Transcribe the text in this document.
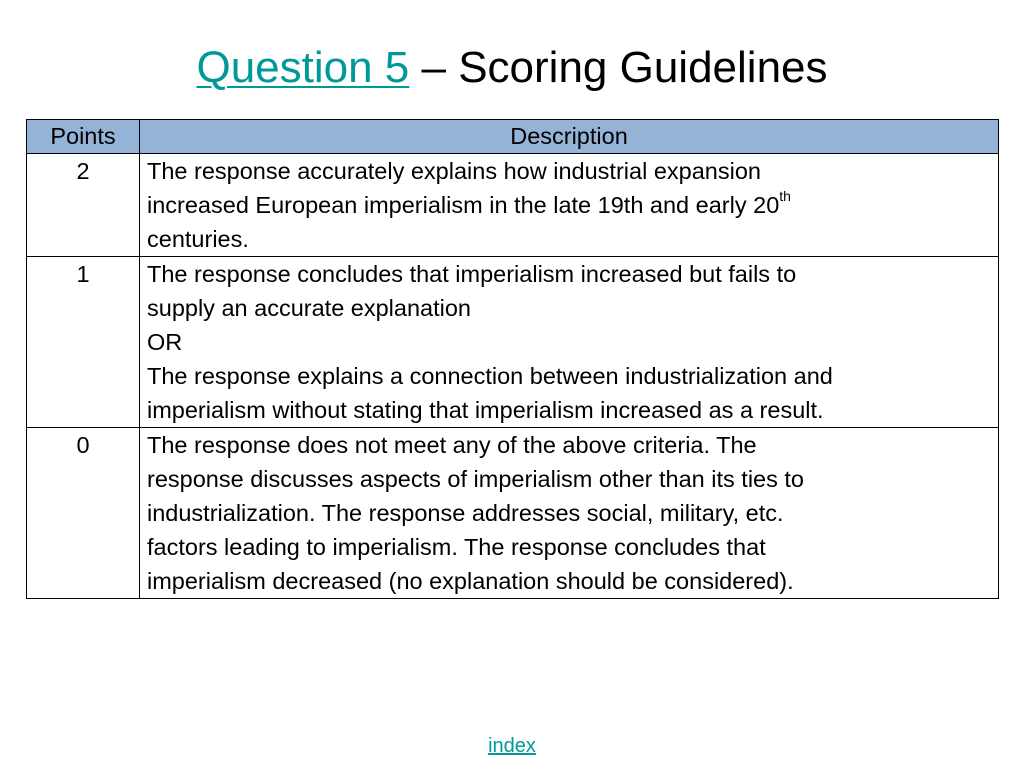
Question 5 – Scoring Guidelines
Points	Description
2	The response accurately explains how industrial expansion
increased European imperialism in the late 19th and early 20th
centuries.

1	The response concludes that imperialism increased but fails to
supply an accurate explanation
OR
The response explains a connection between industrialization and
imperialism without stating that imperialism increased as a result.

0	The response does not meet any of the above criteria. The
response discusses aspects of imperialism other than its ties to
industrialization. The response addresses social, military, etc.
factors leading to imperialism. The response concludes that
imperialism decreased (no explanation should be considered).
index
